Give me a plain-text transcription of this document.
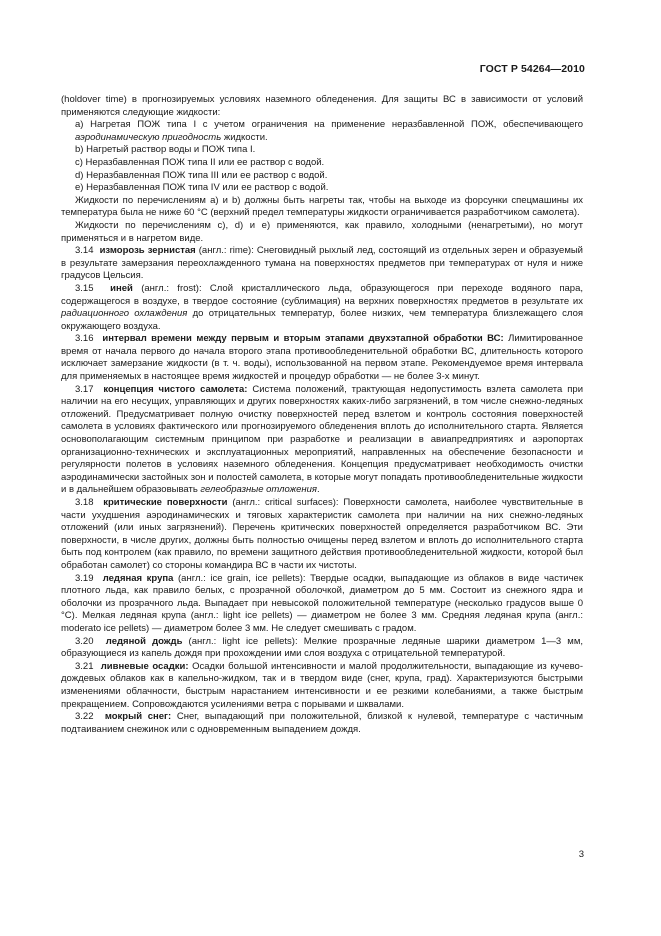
ГОСТ Р 54264—2010

(holdover time) в прогнозируемых условиях наземного обледенения. Для защиты ВС в зависимости от условий применяются следующие жидкости:

а) Нагретая ПОЖ типа I с учетом ограничения на применение неразбавленной ПОЖ, обеспечивающего аэродинамическую пригодность жидкости.

b) Нагретый раствор воды и ПОЖ типа I.

c) Неразбавленная ПОЖ типа II или ее раствор с водой.

d) Неразбавленная ПОЖ типа III или ее раствор с водой.

e) Неразбавленная ПОЖ типа IV или ее раствор с водой.

Жидкости по перечислениям а) и b) должны быть нагреты так, чтобы на выходе из форсунки спецмашины их температура была не ниже 60 °С (верхний предел температуры жидкости ограничивается разработчиком самолета).

Жидкости по перечислениям с), d) и е) применяются, как правило, холодными (ненагретыми), но могут применяться и в нагретом виде.

3.14 изморозь зернистая (англ.: rime): Снеговидный рыхлый лед, состоящий из отдельных зерен и образуемый в результате замерзания переохлажденного тумана на поверхностях предметов при температурах от нуля и ниже градусов Цельсия.

3.15 иней (англ.: frost): Слой кристаллического льда, образующегося при переходе водяного пара, содержащегося в воздухе, в твердое состояние (сублимация) на верхних поверхностях предметов в результате их радиационного охлаждения до отрицательных температур, более низких, чем температура близлежащего слоя окружающего воздуха.

3.16 интервал времени между первым и вторым этапами двухэтапной обработки ВС: Лимитированное время от начала первого до начала второго этапа противообледенительной обработки ВС, длительность которого исключает замерзание жидкости (в т. ч. воды), использованной на первом этапе. Рекомендуемое время интервала для применяемых в настоящее время жидкостей и процедур обработки — не более 3-х минут.

3.17 концепция чистого самолета: Система положений, трактующая недопустимость взлета самолета при наличии на его несущих, управляющих и других поверхностях каких-либо загрязнений, в том числе снежно-ледяных отложений. Предусматривает полную очистку поверхностей перед взлетом и контроль состояния поверхностей самолета в условиях фактического или прогнозируемого обледенения вплоть до исполнительного старта. Является основополагающим системным принципом при разработке и реализации в авиапредприятиях и аэропортах организационно-технических и эксплуатационных мероприятий, направленных на обеспечение безопасности и регулярности полетов в условиях наземного обледенения. Концепция предусматривает необходимость очистки аэродинамически застойных зон и полостей самолета, в которые могут попадать противообледенительные жидкости и в дальнейшем образовывать гелеобразные отложения.

3.18 критические поверхности (англ.: critical surfaces): Поверхности самолета, наиболее чувствительные в части ухудшения аэродинамических и тяговых характеристик самолета при наличии на них снежно-ледяных отложений (или иных загрязнений). Перечень критических поверхностей определяется разработчиком ВС. Эти поверхности, в числе других, должны быть полностью очищены перед взлетом и вплоть до исполнительного старта быть под контролем (как правило, по времени защитного действия противообледенительной жидкости, которой был обработан самолет) со стороны командира ВС в части их чистоты.

3.19 ледяная крупа (англ.: ice grain, ice pellets): Твердые осадки, выпадающие из облаков в виде частичек плотного льда, как правило белых, с прозрачной оболочкой, диаметром до 5 мм. Состоит из снежного ядра и оболочки из прозрачного льда. Выпадает при невысокой положительной температуре (несколько градусов выше 0 °С). Мелкая ледяная крупа (англ.: light ice pellets) — диаметром не более 3 мм. Средняя ледяная крупа (англ.: moderato ice pellets) — диаметром более 3 мм. Не следует смешивать с градом.

3.20 ледяной дождь (англ.: light ice pellets): Мелкие прозрачные ледяные шарики диаметром 1—3 мм, образующиеся из капель дождя при прохождении ими слоя воздуха с отрицательной температурой.

3.21 ливневые осадки: Осадки большой интенсивности и малой продолжительности, выпадающие из кучево-дождевых облаков как в капельно-жидком, так и в твердом виде (снег, крупа, град). Характеризуются быстрыми изменениями облачности, быстрым нарастанием интенсивности и ее резкими колебаниями, а также быстрым прекращением. Сопровождаются усилениями ветра с порывами и шквалами.

3.22 мокрый снег: Снег, выпадающий при положительной, близкой к нулевой, температуре с частичным подтаиванием снежинок или с одновременным выпадением дождя.

3
